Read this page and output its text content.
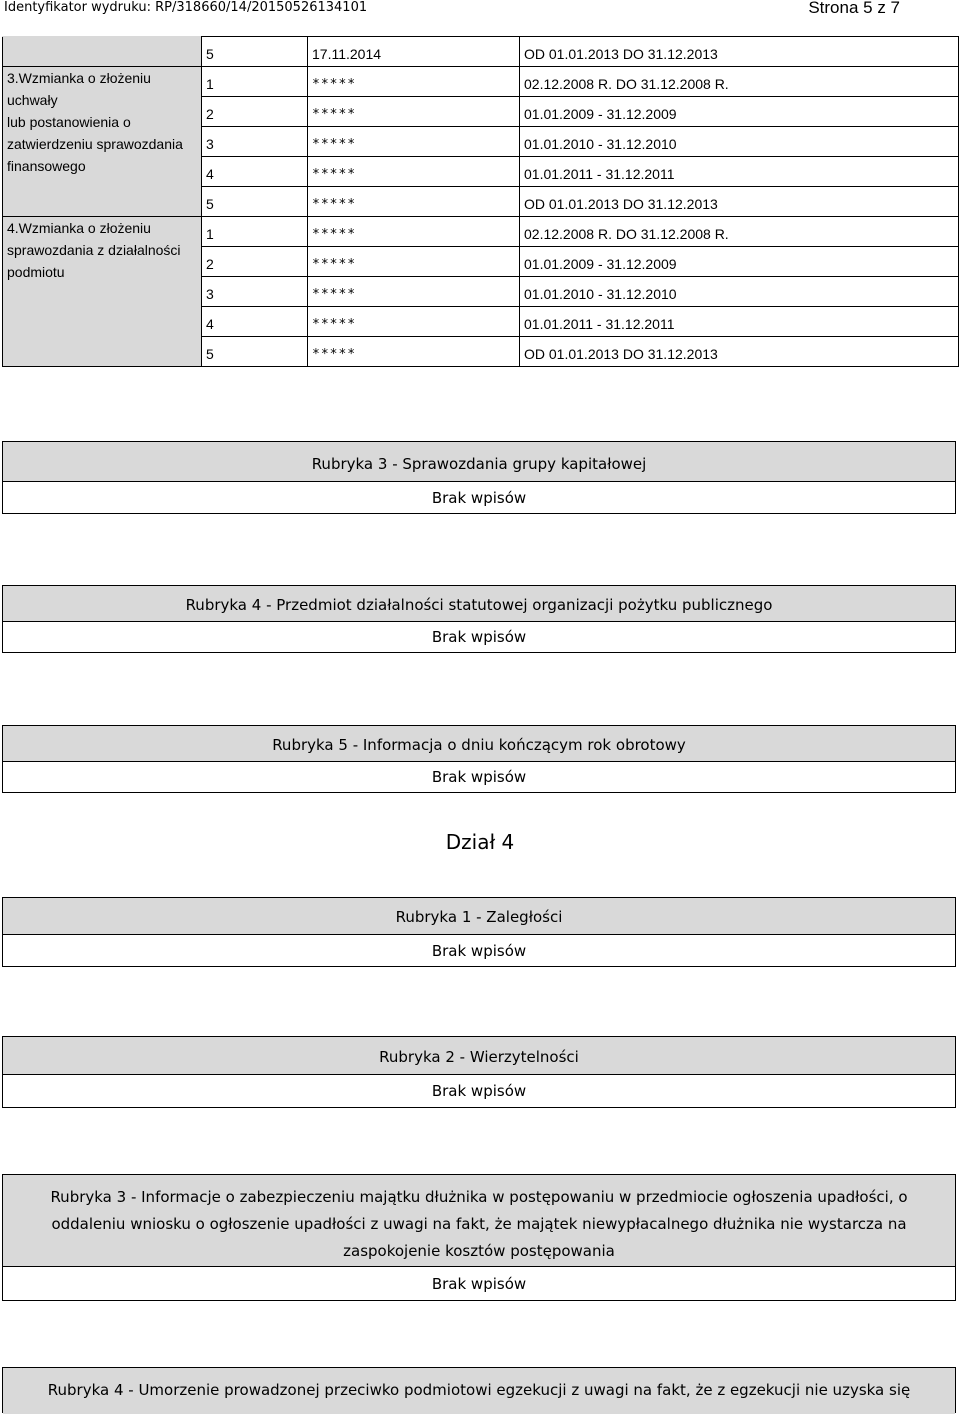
Identyfikator wydruku: RP/318660/14/20150526134101	Strona 5 z 7
	5	17.11.2014	OD 01.01.2013 DO 31.12.2013

3.Wzmianka o złożeniu uchwały
lub postanowienia o
zatwierdzeniu sprawozdania
finansowego	1	*****	02.12.2008 R. DO 31.12.2008 R.
	2	*****	01.01.2009 - 31.12.2009
	3	*****	01.01.2010 - 31.12.2010
	4	*****	01.01.2011 - 31.12.2011
	5	*****	OD 01.01.2013 DO 31.12.2013

4.Wzmianka o złożeniu
sprawozdania z działalności
podmiotu	1	*****	02.12.2008 R. DO 31.12.2008 R.
	2	*****	01.01.2009 - 31.12.2009
	3	*****	01.01.2010 - 31.12.2010
	4	*****	01.01.2011 - 31.12.2011
	5	*****	OD 01.01.2013 DO 31.12.2013
Rubryka 3 - Sprawozdania grupy kapitałowej
Brak wpisów
Rubryka 4 - Przedmiot działalności statutowej organizacji pożytku publicznego
Brak wpisów
Rubryka 5 - Informacja o dniu kończącym rok obrotowy
Brak wpisów
Dział 4
Rubryka 1 - Zaległości
Brak wpisów
Rubryka 2 - Wierzytelności
Brak wpisów
Rubryka 3 - Informacje o zabezpieczeniu majątku dłużnika w postępowaniu w przedmiocie ogłoszenia upadłości, o
oddaleniu wniosku o ogłoszenie upadłości z uwagi na fakt, że majątek niewypłacalnego dłużnika nie wystarcza na
zaspokojenie kosztów postępowania
Brak wpisów
Rubryka 4 - Umorzenie prowadzonej przeciwko podmiotowi egzekucji z uwagi na fakt, że z egzekucji nie uzyska się
